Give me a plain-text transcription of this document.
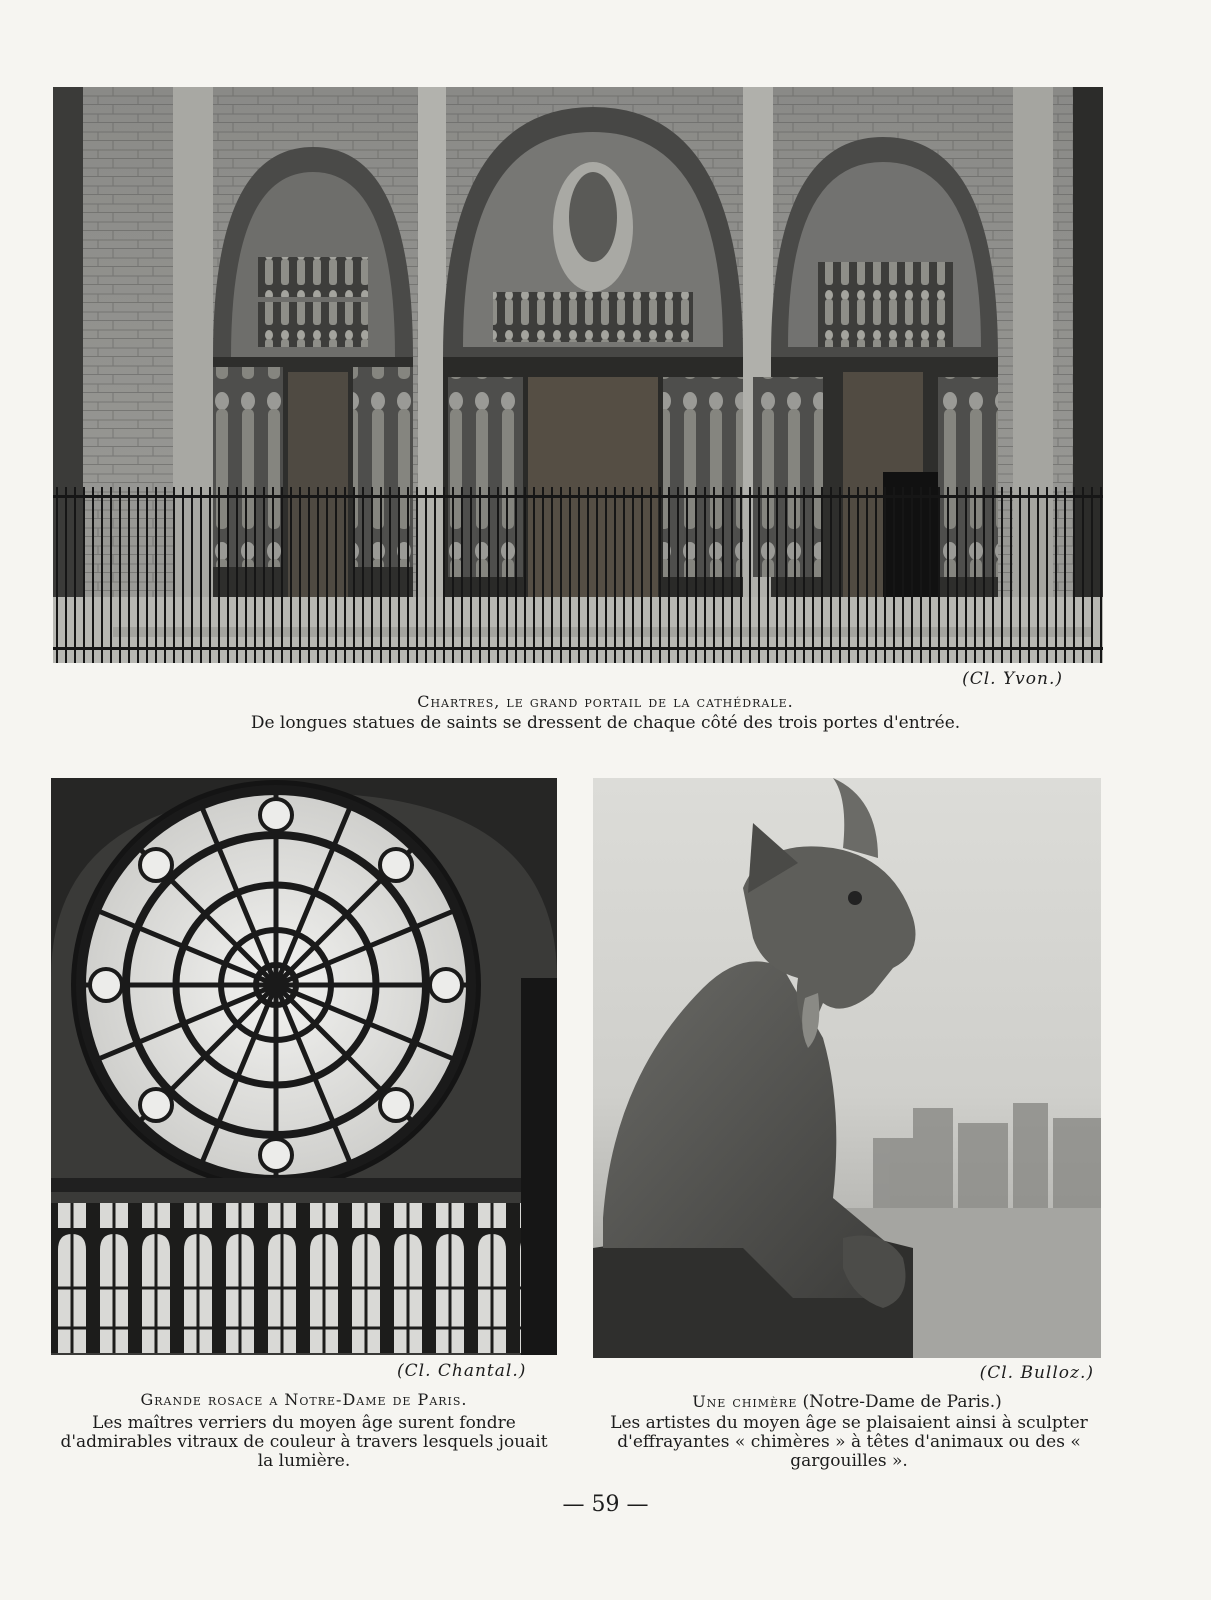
(Cl. Yvon.)
Chartres, le grand portail de la cathédrale.
De longues statues de saints se dressent de chaque côté des trois portes d'entrée.
(Cl. Chantal.)
Grande rosace a Notre-Dame de Paris.
Les maîtres verriers du moyen âge surent fondre d'admirables vitraux de couleur à travers lesquels jouait la lumière.
(Cl. Bulloz.)
Une chimère (Notre-Dame de Paris.)
Les artistes du moyen âge se plaisaient ainsi à sculpter d'effrayantes « chimères » à têtes d'animaux ou des « gargouilles ».
— 59 —
